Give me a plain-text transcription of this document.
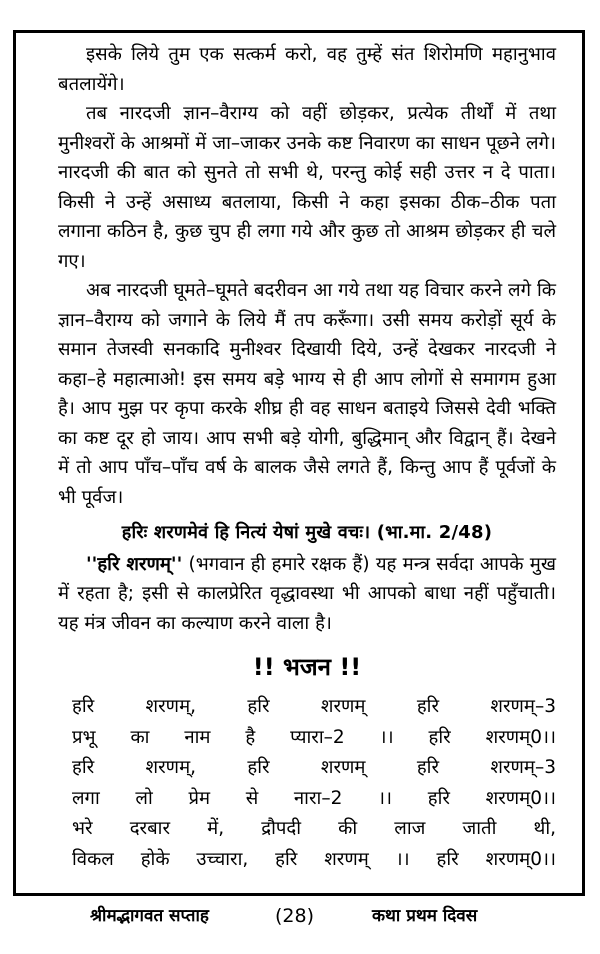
इसके लिये तुम एक सत्कर्म करो, वह तुम्हें संत शिरोमणि महानुभाव बतलायेंगे।

तब नारदजी ज्ञान–वैराग्य को वहीं छोड़कर, प्रत्येक तीर्थों में तथा मुनीश्वरों के आश्रमों में जा–जाकर उनके कष्ट निवारण का साधन पूछने लगे। नारदजी की बात को सुनते तो सभी थे, परन्तु कोई सही उत्तर न दे पाता। किसी ने उन्हें असाध्य बतलाया, किसी ने कहा इसका ठीक–ठीक पता लगाना कठिन है, कुछ चुप ही लगा गये और कुछ तो आश्रम छोड़कर ही चले गए।

अब नारदजी घूमते–घूमते बदरीवन आ गये तथा यह विचार करने लगे कि ज्ञान–वैराग्य को जगाने के लिये मैं तप करूँगा। उसी समय करोड़ों सूर्य के समान तेजस्वी सनकादि मुनीश्वर दिखायी दिये, उन्हें देखकर नारदजी ने कहा–हे महात्माओ! इस समय बड़े भाग्य से ही आप लोगों से समागम हुआ है। आप मुझ पर कृपा करके शीघ्र ही वह साधन बताइये जिससे देवी भक्ति का कष्ट दूर हो जाय। आप सभी बड़े योगी, बुद्धिमान् और विद्वान् हैं। देखने में तो आप पाँच–पाँच वर्ष के बालक जैसे लगते हैं, किन्तु आप हैं पूर्वजों के भी पूर्वज।

हरिः शरणमेवं हि नित्यं येषां मुखे वचः। (भा.मा. 2/48)

''हरि शरणम्'' (भगवान ही हमारे रक्षक हैं) यह मन्त्र सर्वदा आपके मुख में रहता है; इसी से कालप्रेरित वृद्धावस्था भी आपको बाधा नहीं पहुँचाती। यह मंत्र जीवन का कल्याण करने वाला है।

!! भजन !!
हरि शरणम्, हरि शरणम् हरि शरणम्–3
प्रभू का नाम है प्यारा–2 ।। हरि शरणम्0।।
हरि शरणम्, हरि शरणम् हरि शरणम्–3
लगा लो प्रेम से नारा–2 ।। हरि शरणम्0।।
भरे दरबार में, द्रौपदी की लाज जाती थी,
विकल होके उच्चारा, हरि शरणम् ।। हरि शरणम्0।।
श्रीमद्भागवत सप्ताह	(28)	कथा प्रथम दिवस
